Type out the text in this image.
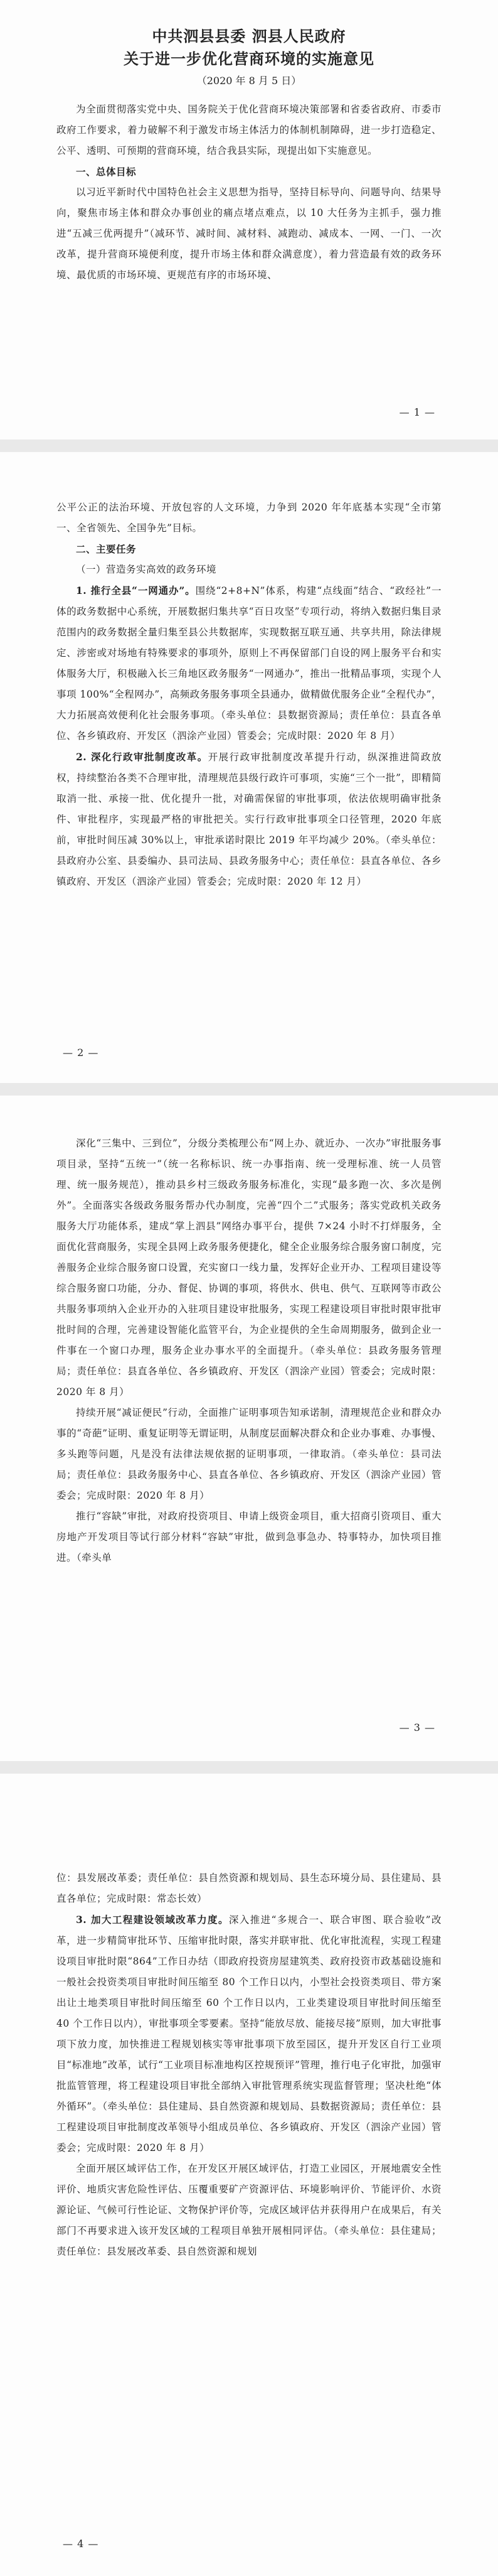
中共泗县县委 泗县人民政府
关于进一步优化营商环境的实施意见
（2020 年 8 月 5 日）

为全面贯彻落实党中央、国务院关于优化营商环境决策部署和省委省政府、市委市政府工作要求，着力破解不利于激发市场主体活力的体制机制障碍，进一步打造稳定、公平、透明、可预期的营商环境，结合我县实际，现提出如下实施意见。

一、总体目标

以习近平新时代中国特色社会主义思想为指导，坚持目标导向、问题导向、结果导向，聚焦市场主体和群众办事创业的痛点堵点难点，以 10 大任务为主抓手，强力推进“五减三优两提升”（减环节、减时间、减材料、减跑动、减成本、一网、一门、一次改革，提升营商环境便利度，提升市场主体和群众满意度），着力营造最有效的政务环境、最优质的市场环境、更规范有序的市场环境、

— 1 —

公平公正的法治环境、开放包容的人文环境，力争到 2020 年年底基本实现“全市第一、全省领先、全国争先”目标。

二、主要任务

（一）营造务实高效的政务环境

1. 推行全县“一网通办”。围绕“2+8+N”体系，构建“点线面”结合、“政经社”一体的政务数据中心系统，开展数据归集共享“百日攻坚”专项行动，将纳入数据归集目录范围内的政务数据全量归集至县公共数据库，实现数据互联互通、共享共用，除法律规定、涉密或对场地有特殊要求的事项外，原则上不再保留部门自设的网上服务平台和实体服务大厅，积极融入长三角地区政务服务“一网通办”，推出一批精品事项，实现个人事项 100%“全程网办”，高频政务服务事项全县通办，做精做优服务企业“全程代办”，大力拓展高效便利化社会服务事项。（牵头单位：县数据资源局；责任单位：县直各单位、各乡镇政府、开发区（泗涂产业园）管委会；完成时限：2020 年 8 月）

2. 深化行政审批制度改革。开展行政审批制度改革提升行动，纵深推进简政放权，持续整治各类不合理审批，清理规范县级行政许可事项，实施“三个一批”，即精简取消一批、承接一批、优化提升一批，对确需保留的审批事项，依法依规明确审批条件、审批程序，实现最严格的审批把关。实行行政审批事项全口径管理，2020 年底前，审批时间压减 30%以上，审批承诺时限比 2019 年平均减少 20%。（牵头单位：县政府办公室、县委编办、县司法局、县政务服务中心；责任单位：县直各单位、各乡镇政府、开发区（泗涂产业园）管委会；完成时限：2020 年 12 月）

— 2 —

深化“三集中、三到位”，分级分类梳理公布“网上办、就近办、一次办”审批服务事项目录，坚持“五统一”（统一名称标识、统一办事指南、统一受理标准、统一人员管理、统一服务规范），推动县乡村三级政务服务标准化，实现“最多跑一次、多次是例外”。全面落实各级政务服务帮办代办制度，完善“四个二”式服务；落实党政机关政务服务大厅功能体系，建成“掌上泗县”网络办事平台，提供 7×24 小时不打烊服务，全面优化营商服务，实现全县网上政务服务便捷化，健全企业服务综合服务窗口制度，完善服务企业综合服务窗口设置，充实窗口一线力量，发挥好企业开办、工程项目建设等综合服务窗口功能，分办、督促、协调的事项，将供水、供电、供气、互联网等市政公共服务事项纳入企业开办的入驻项目建设审批服务，实现工程建设项目审批时限审批审批时间的合理，完善建设智能化监管平台，为企业提供的全生命周期服务，做到企业一件事在一个窗口办理，服务企业办事水平的全面提升。（牵头单位：县政务服务管理局；责任单位：县直各单位、各乡镇政府、开发区（泗涂产业园）管委会；完成时限：2020 年 8 月）

持续开展“减证便民”行动，全面推广证明事项告知承诺制，清理规范企业和群众办事的“奇葩”证明、重复证明等无谓证明，从制度层面解决群众和企业办事难、办事慢、多头跑等问题，凡是没有法律法规依据的证明事项，一律取消。（牵头单位：县司法局；责任单位：县政务服务中心、县直各单位、各乡镇政府、开发区（泗涂产业园）管委会；完成时限：2020 年 8 月）

推行“容缺”审批，对政府投资项目、申请上级资金项目，重大招商引资项目、重大房地产开发项目等试行部分材料“容缺”审批，做到急事急办、特事特办，加快项目推进。（牵头单

— 3 —

位：县发展改革委；责任单位：县自然资源和规划局、县生态环境分局、县住建局、县直各单位；完成时限：常态长效）

3. 加大工程建设领域改革力度。深入推进“多规合一、联合审图、联合验收”改革，进一步精简审批环节、压缩审批时限，落实并联审批、优化审批流程，实现工程建设项目审批时限“864”工作日办结（即政府投资房屋建筑类、政府投资市政基础设施和一般社会投资类项目审批时间压缩至 80 个工作日以内，小型社会投资类项目、带方案出让土地类项目审批时间压缩至 60 个工作日以内，工业类建设项目审批时间压缩至 40 个工作日以内），审批事项全零要素。坚持“能放尽放、能接尽接”原则，加大审批事项下放力度，加快推进工程规划核实等审批事项下放至园区，提升开发区自行工业项目“标准地”改革，试行“工业项目标准地构区控规预评”管理，推行电子化审批，加强审批监管管理，将工程建设项目审批全部纳入审批管理系统实现监督管理；坚决杜绝“体外循环”。（牵头单位：县住建局、县自然资源和规划局、县数据资源局；责任单位：县工程建设项目审批制度改革领导小组成员单位、各乡镇政府、开发区（泗涂产业园）管委会；完成时限：2020 年 8 月）

全面开展区域评估工作，在开发区开展区域评估，打造工业园区，开展地震安全性评价、地质灾害危险性评估、压覆重要矿产资源评估、环境影响评价、节能评价、水资源论证、气候可行性论证、文物保护评价等，完成区域评估并获得用户在成果后，有关部门不再要求进入该开发区域的工程项目单独开展相同评估。（牵头单位：县住建局；责任单位：县发展改革委、县自然资源和规划

— 4 —
